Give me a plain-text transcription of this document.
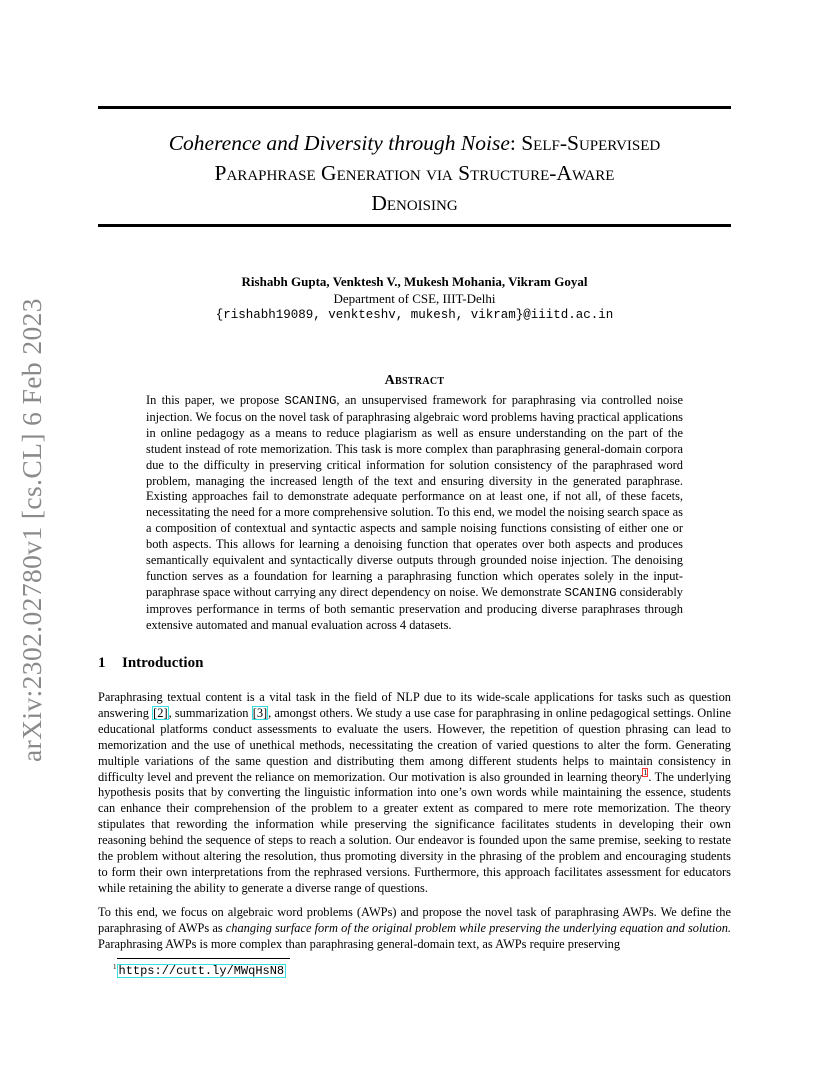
arXiv:2302.02780v1 [cs.CL] 6 Feb 2023
Coherence and Diversity through Noise: Self-Supervised
Paraphrase Generation via Structure-Aware
Denoising
Rishabh Gupta, Venktesh V., Mukesh Mohania, Vikram Goyal
Department of CSE, IIIT-Delhi
{rishabh19089, venkteshv, mukesh, vikram}@iiitd.ac.in
Abstract
In this paper, we propose SCANING, an unsupervised framework for paraphrasing via controlled noise injection. We focus on the novel task of paraphrasing algebraic word problems having practical applications in online pedagogy as a means to reduce plagiarism as well as ensure understanding on the part of the student instead of rote memorization. This task is more complex than paraphrasing general-domain corpora due to the difficulty in preserving critical information for solution consistency of the paraphrased word problem, managing the increased length of the text and ensuring diversity in the generated paraphrase. Existing approaches fail to demonstrate adequate performance on at least one, if not all, of these facets, necessitating the need for a more comprehensive solution. To this end, we model the noising search space as a composition of contextual and syntactic aspects and sample noising functions consisting of either one or both aspects. This allows for learning a denoising function that operates over both aspects and produces semantically equivalent and syntactically diverse outputs through grounded noise injection. The denoising function serves as a foundation for learning a paraphrasing function which operates solely in the input-paraphrase space without carrying any direct dependency on noise. We demonstrate SCANING considerably improves performance in terms of both semantic preservation and producing diverse paraphrases through extensive automated and manual evaluation across 4 datasets.
1 Introduction
Paraphrasing textual content is a vital task in the field of NLP due to its wide-scale applications for tasks such as question answering [2], summarization [3], amongst others. We study a use case for paraphrasing in online pedagogical settings. Online educational platforms conduct assessments to evaluate the users. However, the repetition of question phrasing can lead to memorization and the use of unethical methods, necessitating the creation of varied questions to alter the form. Generating multiple variations of the same question and distributing them among different students helps to maintain consistency in difficulty level and prevent the reliance on memorization. Our motivation is also grounded in learning theory$^1$. The underlying hypothesis posits that by converting the linguistic information into one’s own words while maintaining the essence, students can enhance their comprehension of the problem to a greater extent as compared to mere rote memorization. The theory stipulates that rewording the information while preserving the significance facilitates students in developing their own reasoning behind the sequence of steps to reach a solution. Our endeavor is founded upon the same premise, seeking to restate the problem without altering the resolution, thus promoting diversity in the phrasing of the problem and encouraging students to form their own interpretations from the rephrased versions. Furthermore, this approach facilitates assessment for educators while retaining the ability to generate a diverse range of questions.
To this end, we focus on algebraic word problems (AWPs) and propose the novel task of paraphrasing AWPs. We define the paraphrasing of AWPs as changing surface form of the original problem while preserving the underlying equation and solution. Paraphrasing AWPs is more complex than paraphrasing general-domain text, as AWPs require preserving
$^1$ https://cutt.ly/MWqHsN8
